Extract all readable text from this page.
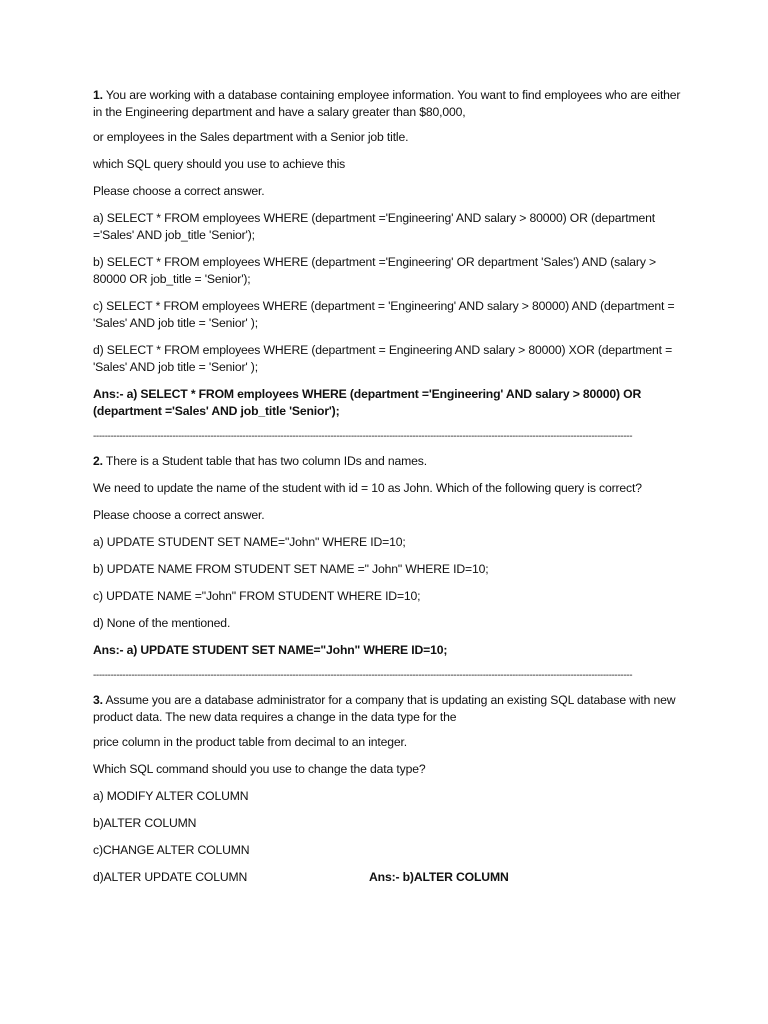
1. You are working with a database containing employee information. You want to find employees who are either in the Engineering department and have a salary greater than $80,000,

or employees in the Sales department with a Senior job title.

which SQL query should you use to achieve this

Please choose a correct answer.

a) SELECT * FROM employees WHERE (department ='Engineering' AND salary > 80000) OR (department ='Sales' AND job_title 'Senior');

b) SELECT * FROM employees WHERE (department ='Engineering' OR department 'Sales') AND (salary > 80000 OR job_title = 'Senior');

c) SELECT * FROM employees WHERE (department = 'Engineering' AND salary > 80000) AND (department = 'Sales' AND job title = 'Senior' );

d) SELECT * FROM employees WHERE (department = Engineering AND salary > 80000) XOR (department = 'Sales' AND job title = 'Senior' );

Ans:- a) SELECT * FROM employees WHERE (department ='Engineering' AND salary > 80000) OR (department ='Sales' AND job_title 'Senior');

----------------------------------------------------------------------------------------------------------------------------------------------------------------------------------------

2. There is a Student table that has two column IDs and names.

We need to update the name of the student with id = 10 as John. Which of the following query is correct?

Please choose a correct answer.

a) UPDATE STUDENT SET NAME="John" WHERE ID=10;

b) UPDATE NAME FROM STUDENT SET NAME =" John" WHERE ID=10;

c) UPDATE NAME ="John" FROM STUDENT WHERE ID=10;

d) None of the mentioned.

Ans:- a) UPDATE STUDENT SET NAME="John" WHERE ID=10;

----------------------------------------------------------------------------------------------------------------------------------------------------------------------------------------

3. Assume you are a database administrator for a company that is updating an existing SQL database with new product data. The new data requires a change in the data type for the

price column in the product table from decimal to an integer.

Which SQL command should you use to change the data type?

a) MODIFY ALTER COLUMN

b)ALTER COLUMN

c)CHANGE ALTER COLUMN

d)ALTER UPDATE COLUMN	Ans:- b)ALTER COLUMN
